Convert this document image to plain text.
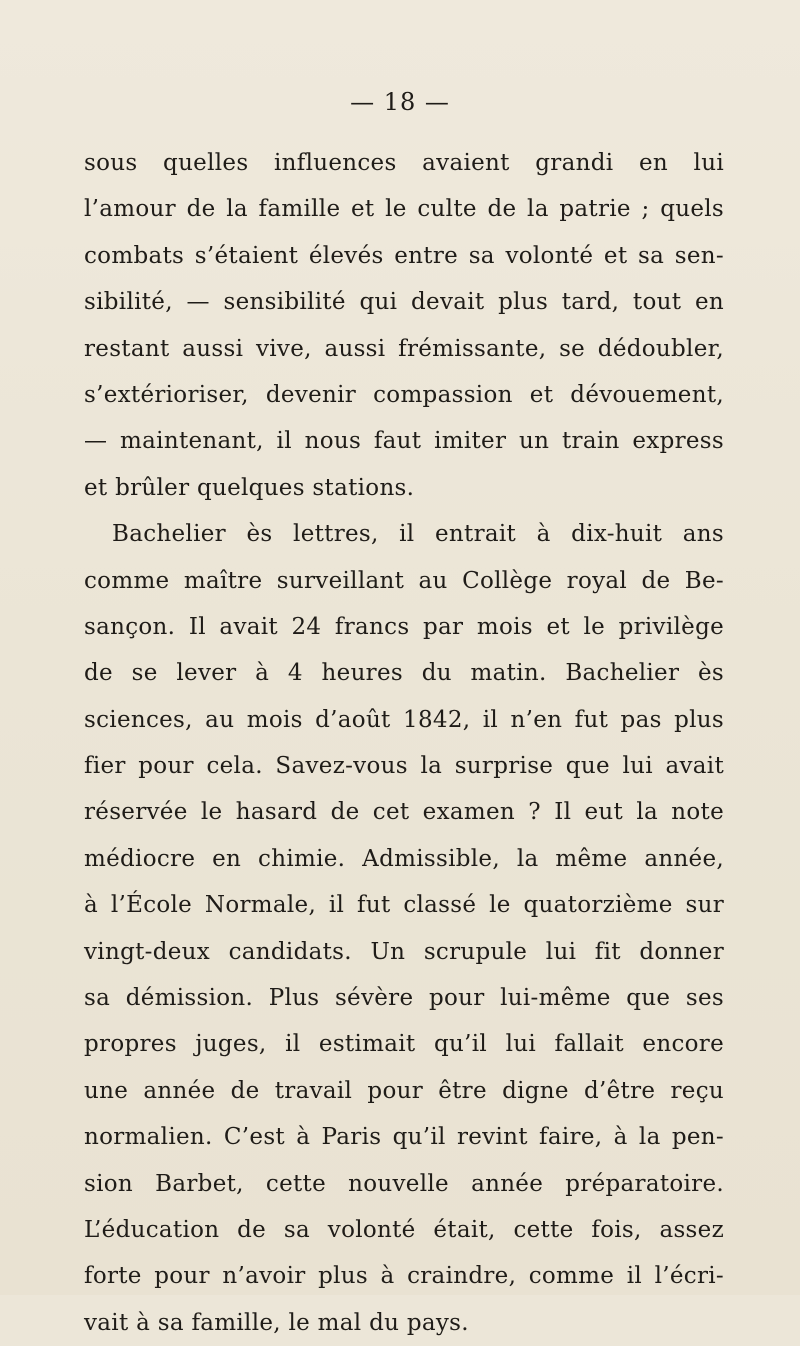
— 18 —
sous quelles influences avaient grandi en lui
l’amour de la famille et le culte de la patrie ; quels
combats s’étaient élevés entre sa volonté et sa sen-
sibilité, — sensibilité qui devait plus tard, tout en
restant aussi vive, aussi frémissante, se dédoubler,
s’extérioriser, devenir compassion et dévouement,
— maintenant, il nous faut imiter un train express
et brûler quelques stations.
Bachelier ès lettres, il entrait à dix-huit ans
comme maître surveillant au Collège royal de Be-
sançon. Il avait 24 francs par mois et le privilège
de se lever à 4 heures du matin. Bachelier ès
sciences, au mois d’août 1842, il n’en fut pas plus
fier pour cela. Savez-vous la surprise que lui avait
réservée le hasard de cet examen ? Il eut la note
médiocre en chimie. Admissible, la même année,
à l’École Normale, il fut classé le quatorzième sur
vingt-deux candidats. Un scrupule lui fit donner
sa démission. Plus sévère pour lui-même que ses
propres juges, il estimait qu’il lui fallait encore
une année de travail pour être digne d’être reçu
normalien. C’est à Paris qu’il revint faire, à la pen-
sion Barbet, cette nouvelle année préparatoire.
L’éducation de sa volonté était, cette fois, assez
forte pour n’avoir plus à craindre, comme il l’écri-
vait à sa famille, le mal du pays.
